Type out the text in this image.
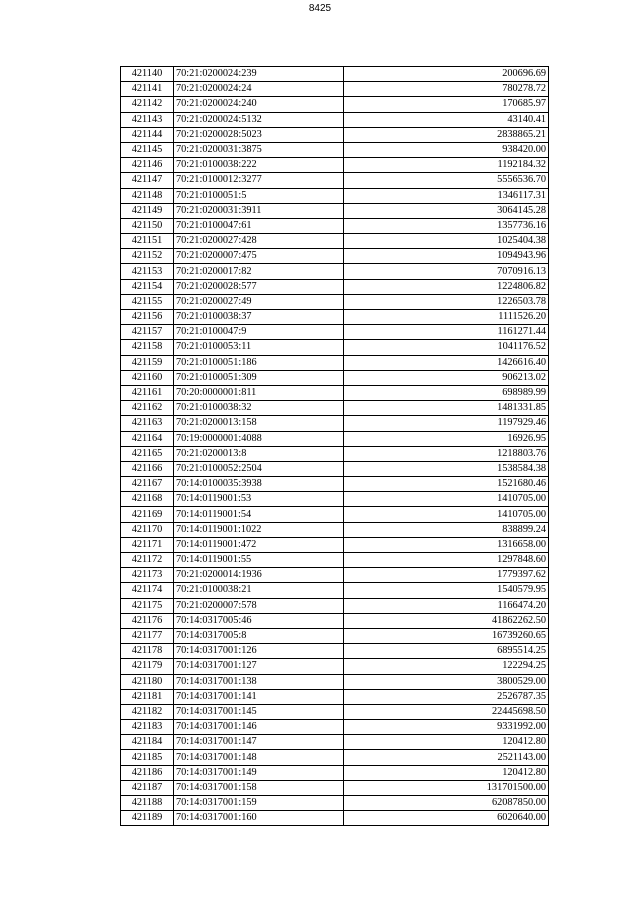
8425
421140	70:21:0200024:239	200696.69
421141	70:21:0200024:24	780278.72
421142	70:21:0200024:240	170685.97
421143	70:21:0200024:5132	43140.41
421144	70:21:0200028:5023	2838865.21
421145	70:21:0200031:3875	938420.00
421146	70:21:0100038:222	1192184.32
421147	70:21:0100012:3277	5556536.70
421148	70:21:0100051:5	1346117.31
421149	70:21:0200031:3911	3064145.28
421150	70:21:0100047:61	1357736.16
421151	70:21:0200027:428	1025404.38
421152	70:21:0200007:475	1094943.96
421153	70:21:0200017:82	7070916.13
421154	70:21:0200028:577	1224806.82
421155	70:21:0200027:49	1226503.78
421156	70:21:0100038:37	1111526.20
421157	70:21:0100047:9	1161271.44
421158	70:21:0100053:11	1041176.52
421159	70:21:0100051:186	1426616.40
421160	70:21:0100051:309	906213.02
421161	70:20:0000001:811	698989.99
421162	70:21:0100038:32	1481331.85
421163	70:21:0200013:158	1197929.46
421164	70:19:0000001:4088	16926.95
421165	70:21:0200013:8	1218803.76
421166	70:21:0100052:2504	1538584.38
421167	70:14:0100035:3938	1521680.46
421168	70:14:0119001:53	1410705.00
421169	70:14:0119001:54	1410705.00
421170	70:14:0119001:1022	838899.24
421171	70:14:0119001:472	1316658.00
421172	70:14:0119001:55	1297848.60
421173	70:21:0200014:1936	1779397.62
421174	70:21:0100038:21	1540579.95
421175	70:21:0200007:578	1166474.20
421176	70:14:0317005:46	41862262.50
421177	70:14:0317005:8	16739260.65
421178	70:14:0317001:126	6895514.25
421179	70:14:0317001:127	122294.25
421180	70:14:0317001:138	3800529.00
421181	70:14:0317001:141	2526787.35
421182	70:14:0317001:145	22445698.50
421183	70:14:0317001:146	9331992.00
421184	70:14:0317001:147	120412.80
421185	70:14:0317001:148	2521143.00
421186	70:14:0317001:149	120412.80
421187	70:14:0317001:158	131701500.00
421188	70:14:0317001:159	62087850.00
421189	70:14:0317001:160	6020640.00
